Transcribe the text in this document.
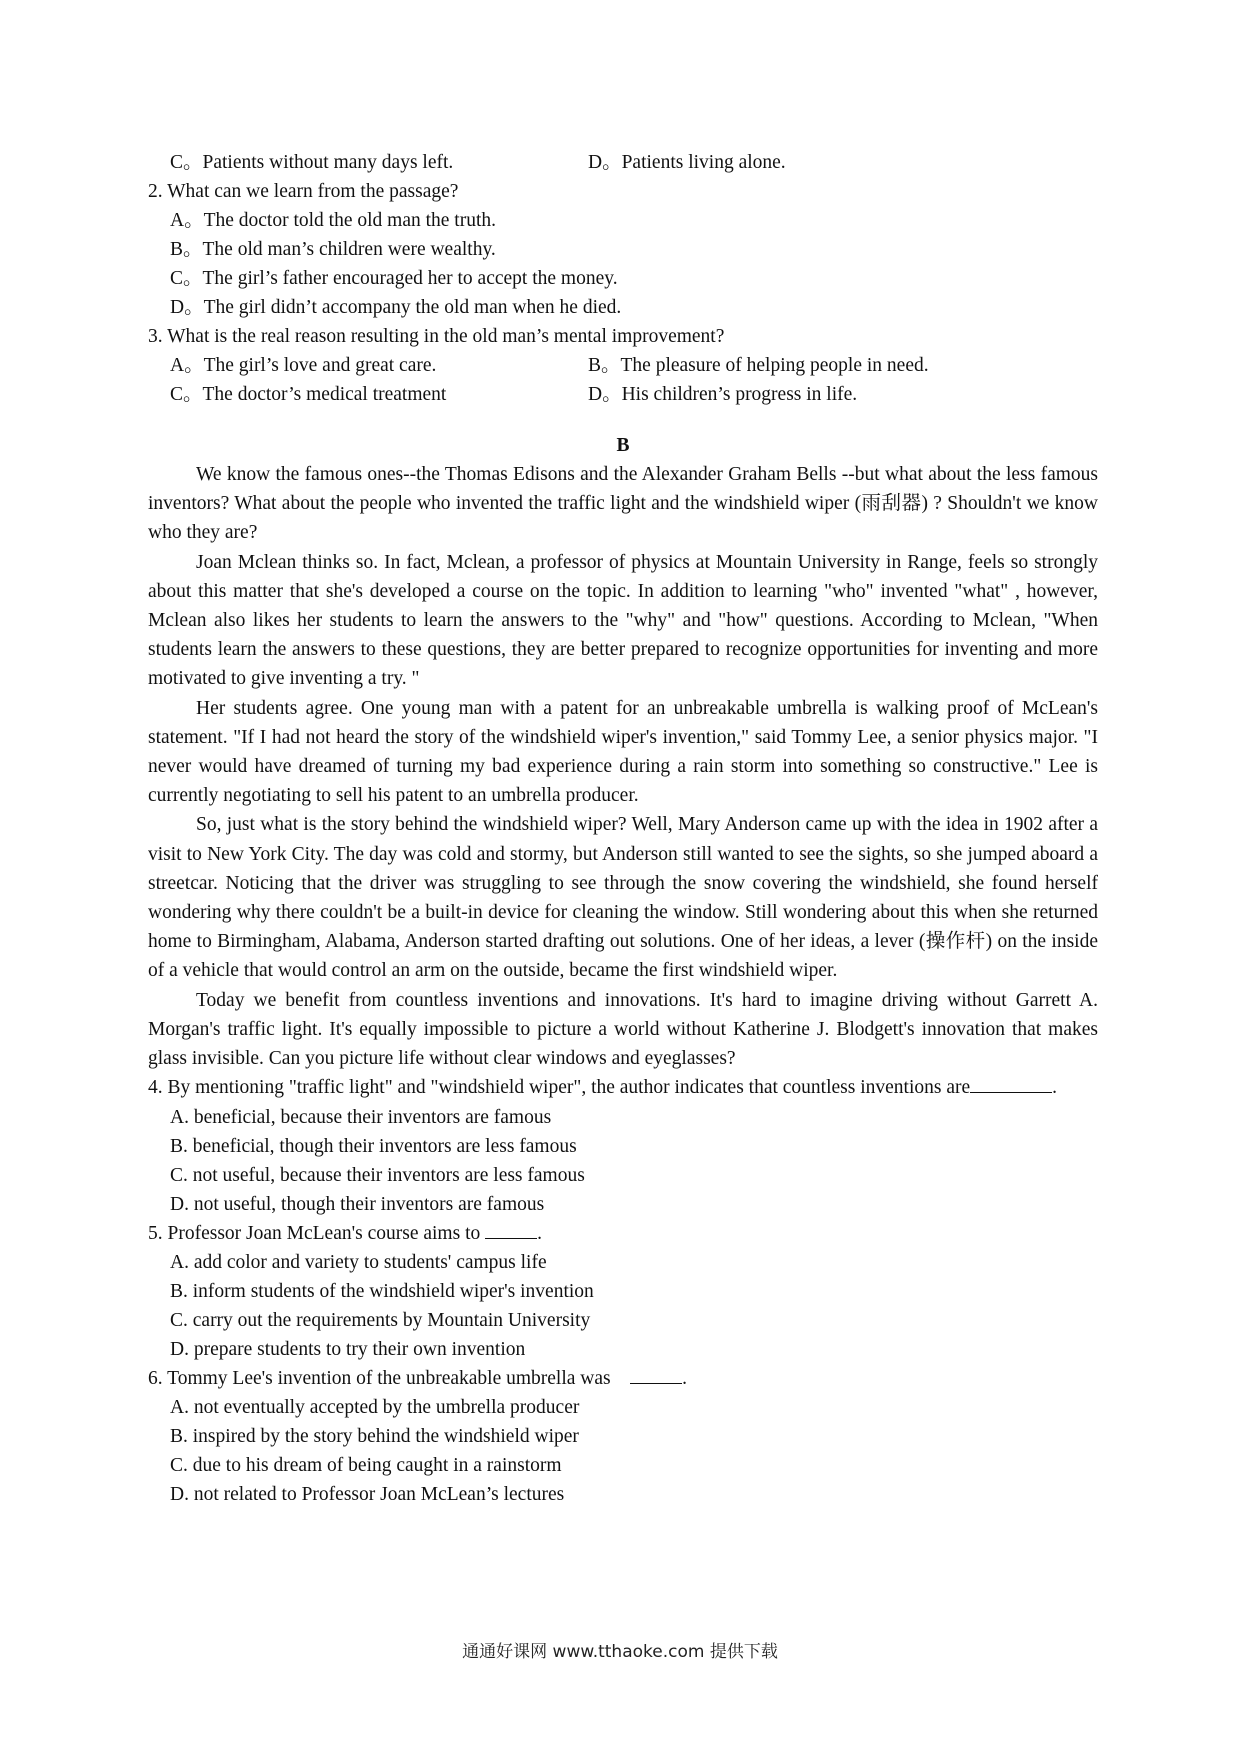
C。Patients without many days left.	D。Patients living alone.
2. What can we learn from the passage?
A。The doctor told the old man the truth.
B。The old man’s children were wealthy.
C。The girl’s father encouraged her to accept the money.
D。The girl didn’t accompany the old man when he died.
3. What is the real reason resulting in the old man’s mental improvement?
A。The girl’s love and great care.	B。The pleasure of helping people in need.
C。The doctor’s medical treatment	D。His children’s progress in life.
B

We know the famous ones--the Thomas Edisons and the Alexander Graham Bells --but what about the less famous inventors? What about the people who invented the traffic light and the windshield wiper (雨刮器) ? Shouldn't we know who they are?

Joan Mclean thinks so. In fact, Mclean, a professor of physics at Mountain University in Range, feels so strongly about this matter that she's developed a course on the topic. In addition to learning "who" invented "what" , however, Mclean also likes her students to learn the answers to the "why" and "how" questions. According to Mclean, "When students learn the answers to these questions, they are better prepared to recognize opportunities for inventing and more motivated to give inventing a try. "

Her students agree. One young man with a patent for an unbreakable umbrella is walking proof of McLean's statement. "If I had not heard the story of the windshield wiper's invention," said Tommy Lee, a senior physics major. "I never would have dreamed of turning my bad experience during a rain storm into something so constructive." Lee is currently negotiating to sell his patent to an umbrella producer.

So, just what is the story behind the windshield wiper? Well, Mary Anderson came up with the idea in 1902 after a visit to New York City. The day was cold and stormy, but Anderson still wanted to see the sights, so she jumped aboard a streetcar. Noticing that the driver was struggling to see through the snow covering the windshield, she found herself wondering why there couldn't be a built-in device for cleaning the window. Still wondering about this when she returned home to Birmingham, Alabama, Anderson started drafting out solutions. One of her ideas, a lever (操作杆) on the inside of a vehicle that would control an arm on the outside, became the first windshield wiper.

Today we benefit from countless inventions and innovations. It's hard to imagine driving without Garrett A. Morgan's traffic light. It's equally impossible to picture a world without Katherine J. Blodgett's innovation that makes glass invisible. Can you picture life without clear windows and eyeglasses?

4. By mentioning "traffic light" and "windshield wiper", the author indicates that countless inventions are	.
A. beneficial, because their inventors are famous
B. beneficial, though their inventors are less famous
C. not useful, because their inventors are less famous
D. not useful, though their inventors are famous
5. Professor Joan McLean's course aims to	.
A. add color and variety to students' campus life
B. inform students of the windshield wiper's invention
C. carry out the requirements by Mountain University
D. prepare students to try their own invention
6. Tommy Lee's invention of the unbreakable umbrella was	.
A. not eventually accepted by the umbrella producer
B. inspired by the story behind the windshield wiper
C. due to his dream of being caught in a rainstorm
D. not related to Professor Joan McLean’s lectures
通通好课网 www.tthaoke.com 提供下载
